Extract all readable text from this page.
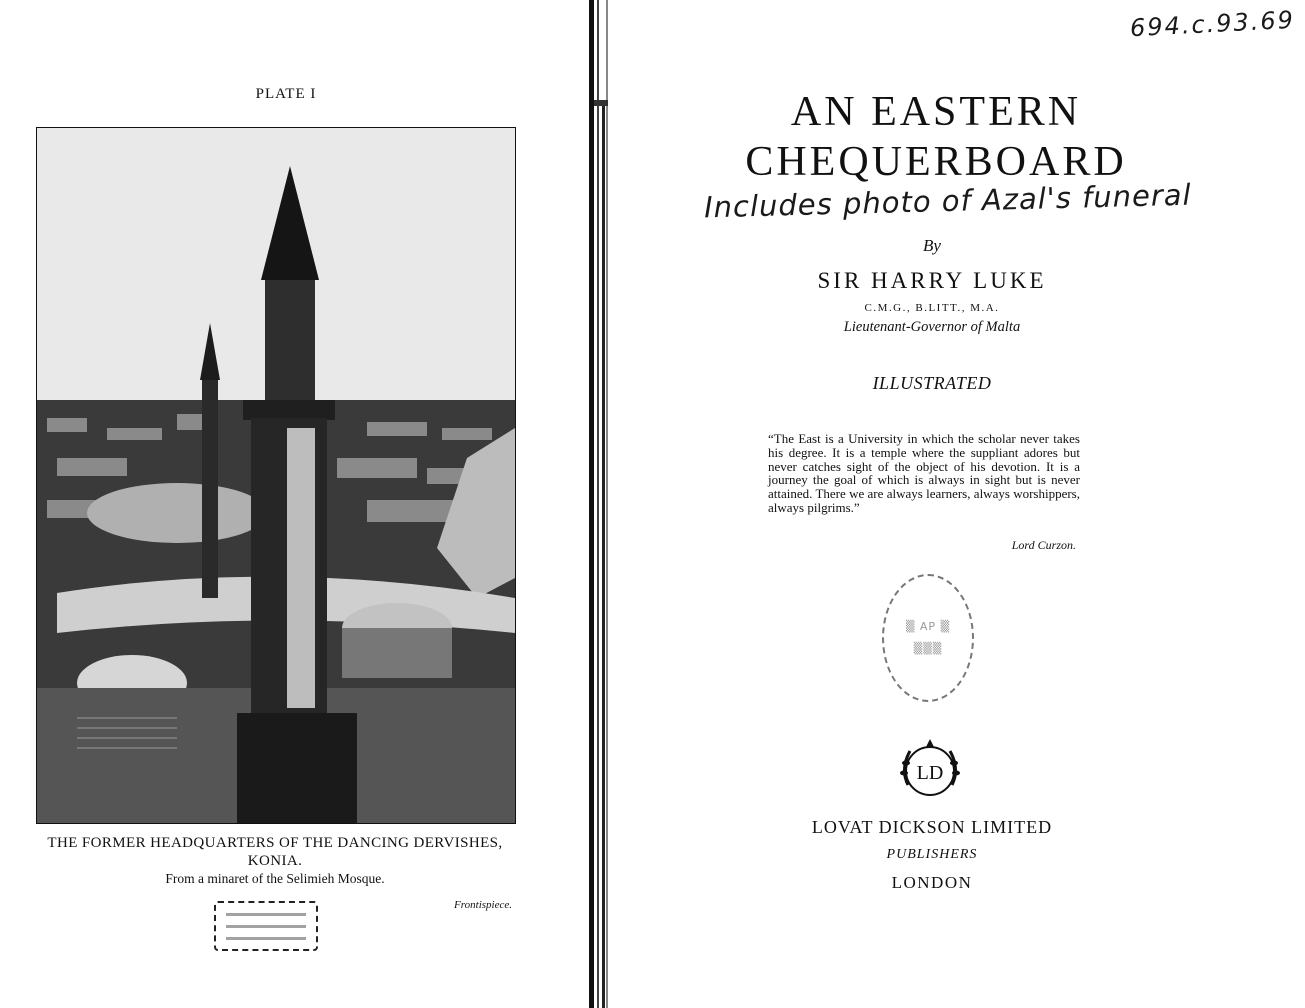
PLATE I
THE FORMER HEADQUARTERS OF THE DANCING DERVISHES, KONIA.
From a minaret of the Selimieh Mosque.
Frontispiece.
694.c.93.69
AN EASTERN
CHEQUERBOARD
Includes photo of Azal's funeral
By
SIR HARRY LUKE
C.M.G., B.LITT., M.A.
Lieutenant-Governor of Malta
ILLUSTRATED
“The East is a University in which the scholar never takes his degree. It is a temple where the suppliant adores but never catches sight of the object of his devotion. It is a journey the goal of which is always in sight but is never attained. There we are always learners, always worshippers, always pilgrims.”
Lord Curzon.
▒ AP ▒
▒▒▒
LD
LOVAT DICKSON LIMITED
PUBLISHERS
LONDON
